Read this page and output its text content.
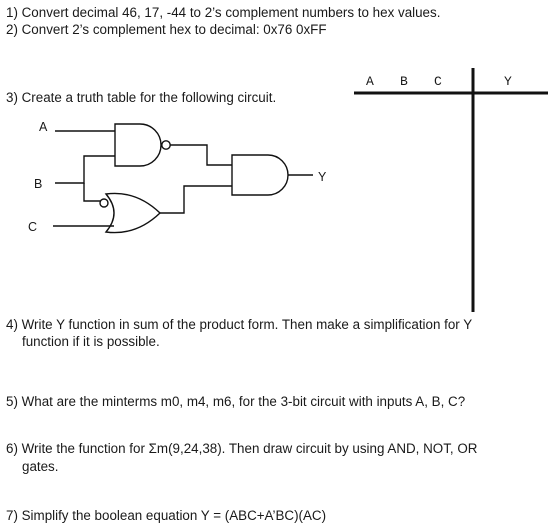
1) Convert decimal 46, 17, -44 to 2’s complement numbers to hex values.
2) Convert 2’s complement hex to decimal: 0x76 0xFF
3) Create a truth table for the following circuit.
A B C	Y
A
B
C
Y
4) Write Y function in sum of the product form. Then make a simplification for Y
function if it is possible.
5) What are the minterms m0, m4, m6, for the 3-bit circuit with inputs A, B, C?
6) Write the function for Σm(9,24,38). Then draw circuit by using AND, NOT, OR
gates.
7) Simplify the boolean equation Y = (ABC+A’BC)(AC)
